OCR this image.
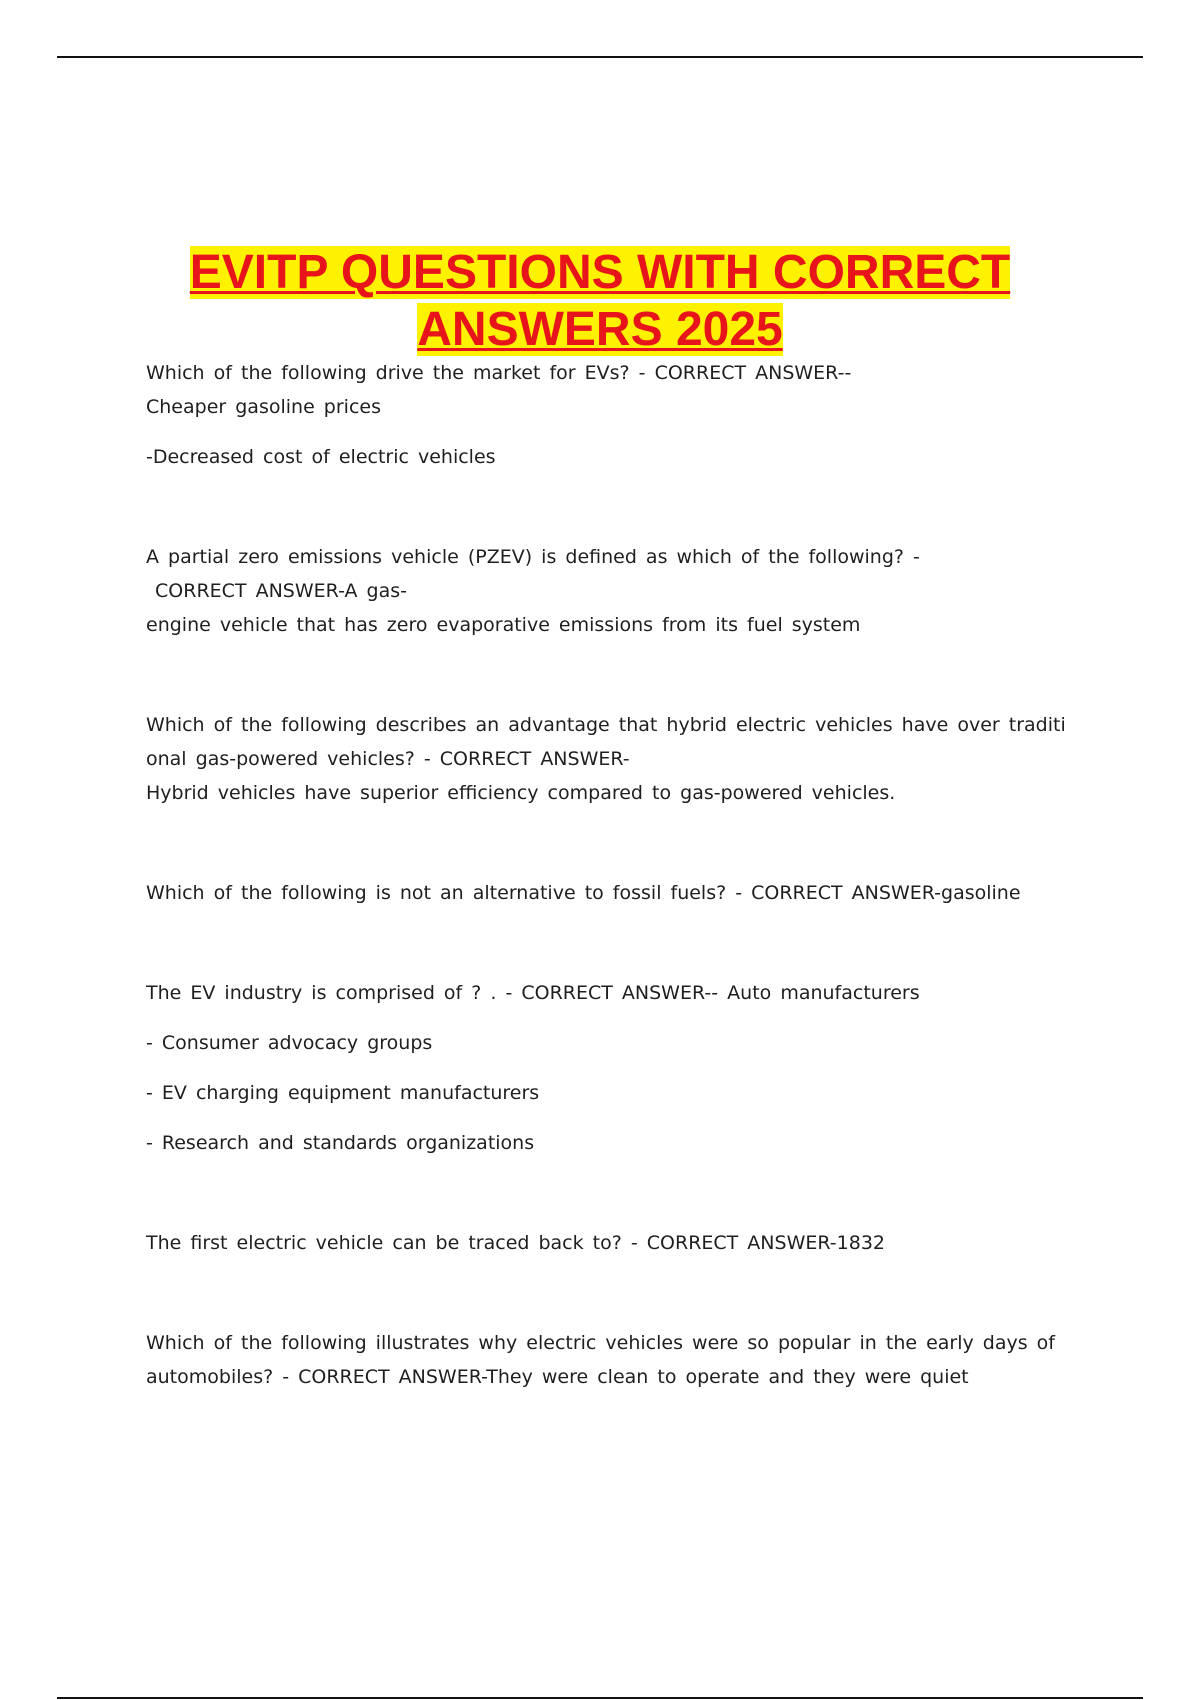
EVITP QUESTIONS WITH CORRECT
ANSWERS 2025
Which of the following drive the market for EVs? - CORRECT ANSWER--
Cheaper gasoline prices
-Decreased cost of electric vehicles
A partial zero emissions vehicle (PZEV) is defined as which of the following? -
CORRECT ANSWER-A gas-
engine vehicle that has zero evaporative emissions from its fuel system
Which of the following describes an advantage that hybrid electric vehicles have over traditi
onal gas-powered vehicles? - CORRECT ANSWER-
Hybrid vehicles have superior efficiency compared to gas-powered vehicles.
Which of the following is not an alternative to fossil fuels? - CORRECT ANSWER-gasoline
The EV industry is comprised of ? . - CORRECT ANSWER-- Auto manufacturers
- Consumer advocacy groups
- EV charging equipment manufacturers
- Research and standards organizations
The first electric vehicle can be traced back to? - CORRECT ANSWER-1832
Which of the following illustrates why electric vehicles were so popular in the early days of
automobiles? - CORRECT ANSWER-They were clean to operate and they were quiet
